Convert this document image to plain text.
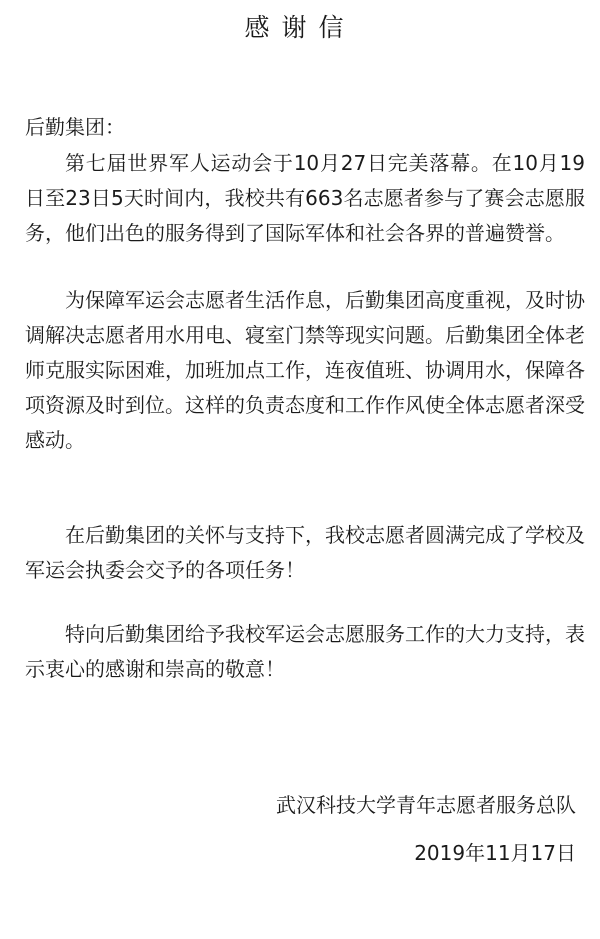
感谢信

后勤集团：

第七届世界军人运动会于10月27日完美落幕。在10月19日至23日5天时间内，我校共有663名志愿者参与了赛会志愿服务，他们出色的服务得到了国际军体和社会各界的普遍赞誉。

为保障军运会志愿者生活作息，后勤集团高度重视，及时协调解决志愿者用水用电、寝室门禁等现实问题。后勤集团全体老师克服实际困难，加班加点工作，连夜值班、协调用水，保障各项资源及时到位。这样的负责态度和工作作风使全体志愿者深受感动。

在后勤集团的关怀与支持下，我校志愿者圆满完成了学校及军运会执委会交予的各项任务！

特向后勤集团给予我校军运会志愿服务工作的大力支持，表示衷心的感谢和崇高的敬意！

武汉科技大学青年志愿者服务总队

2019年11月17日
